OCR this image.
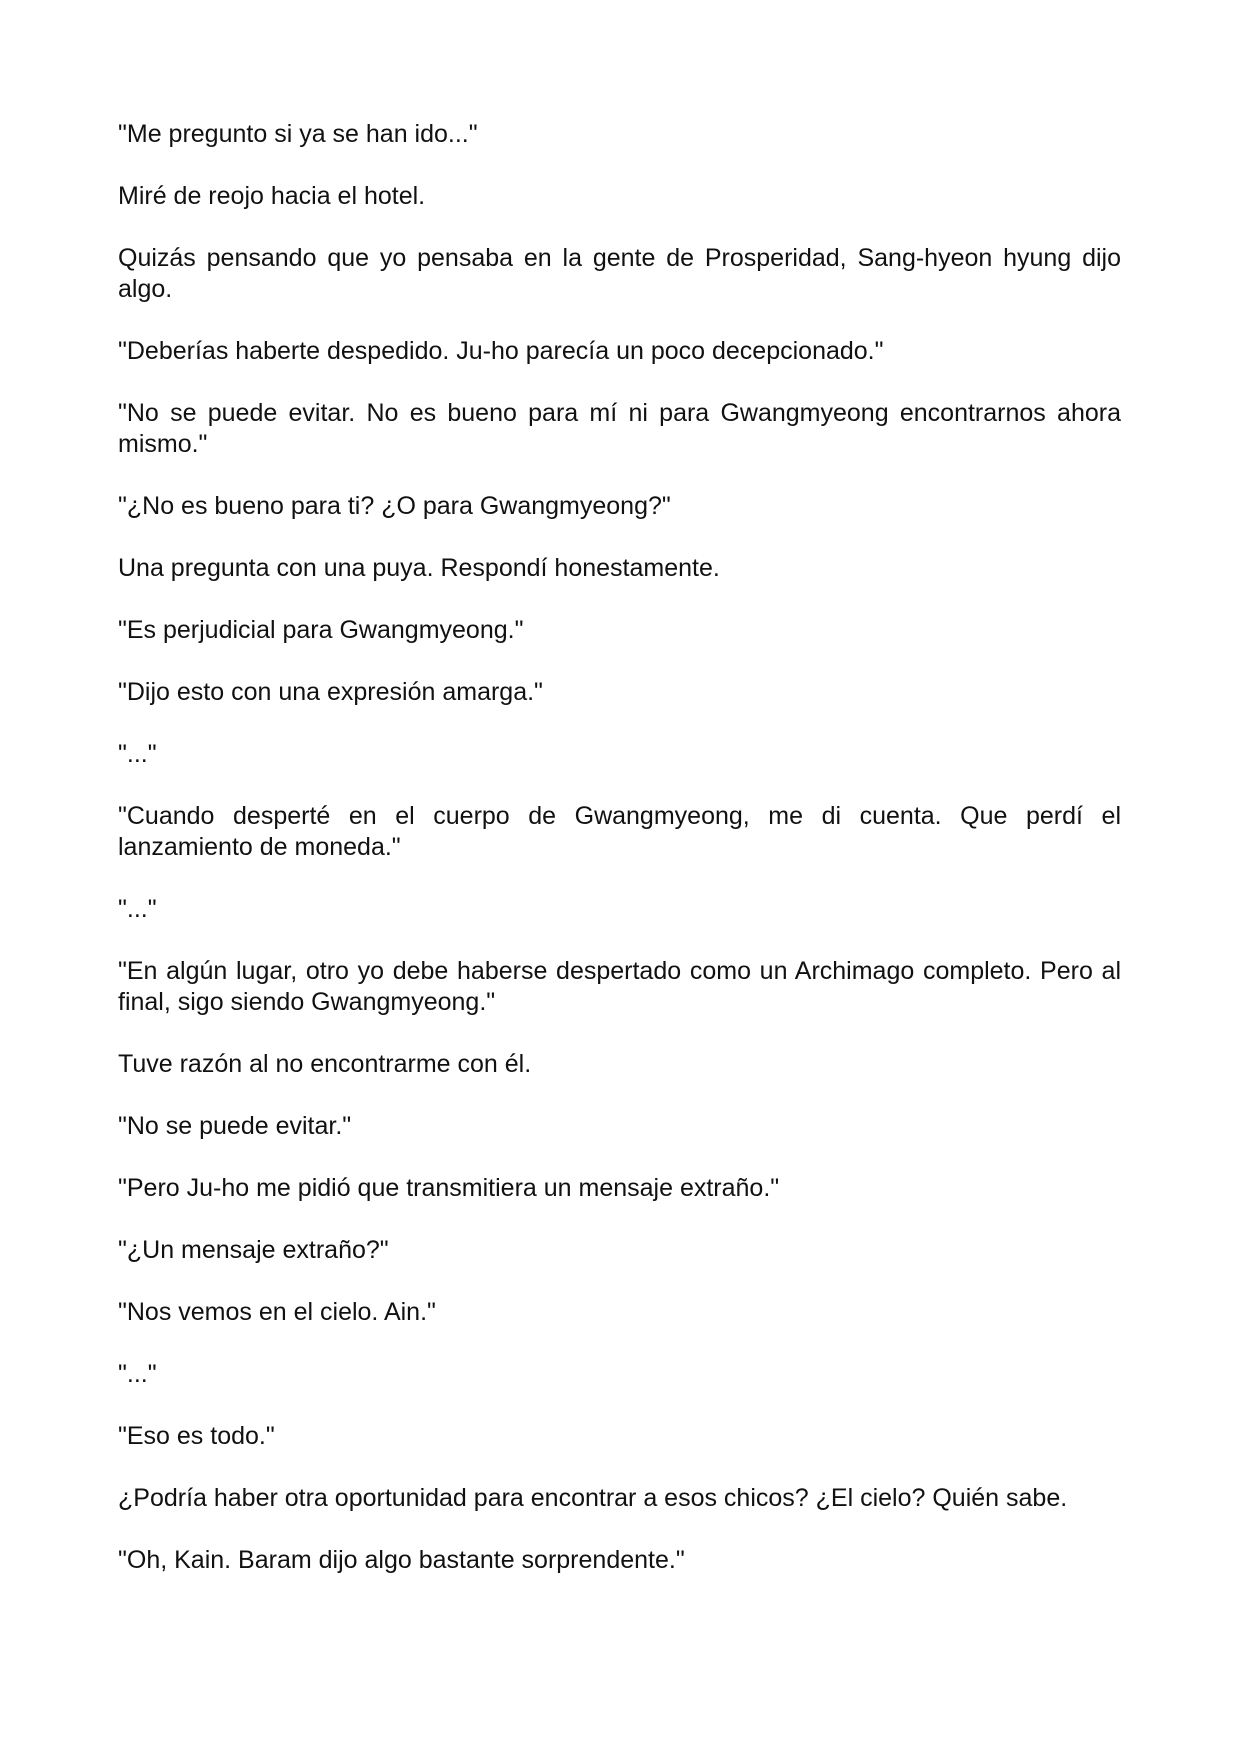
"Me pregunto si ya se han ido..."

Miré de reojo hacia el hotel.

Quizás pensando que yo pensaba en la gente de Prosperidad, Sang-hyeon hyung dijo algo.

"Deberías haberte despedido. Ju-ho parecía un poco decepcionado."

"No se puede evitar. No es bueno para mí ni para Gwangmyeong encontrarnos ahora mismo."

"¿No es bueno para ti? ¿O para Gwangmyeong?"

Una pregunta con una puya. Respondí honestamente.

"Es perjudicial para Gwangmyeong."

"Dijo esto con una expresión amarga."

"..."

"Cuando desperté en el cuerpo de Gwangmyeong, me di cuenta. Que perdí el lanzamiento de moneda."

"..."

"En algún lugar, otro yo debe haberse despertado como un Archimago completo. Pero al final, sigo siendo Gwangmyeong."

Tuve razón al no encontrarme con él.

"No se puede evitar."

"Pero Ju-ho me pidió que transmitiera un mensaje extraño."

"¿Un mensaje extraño?"

"Nos vemos en el cielo. Ain."

"..."

"Eso es todo."

¿Podría haber otra oportunidad para encontrar a esos chicos? ¿El cielo? Quién sabe.

"Oh, Kain. Baram dijo algo bastante sorprendente."
